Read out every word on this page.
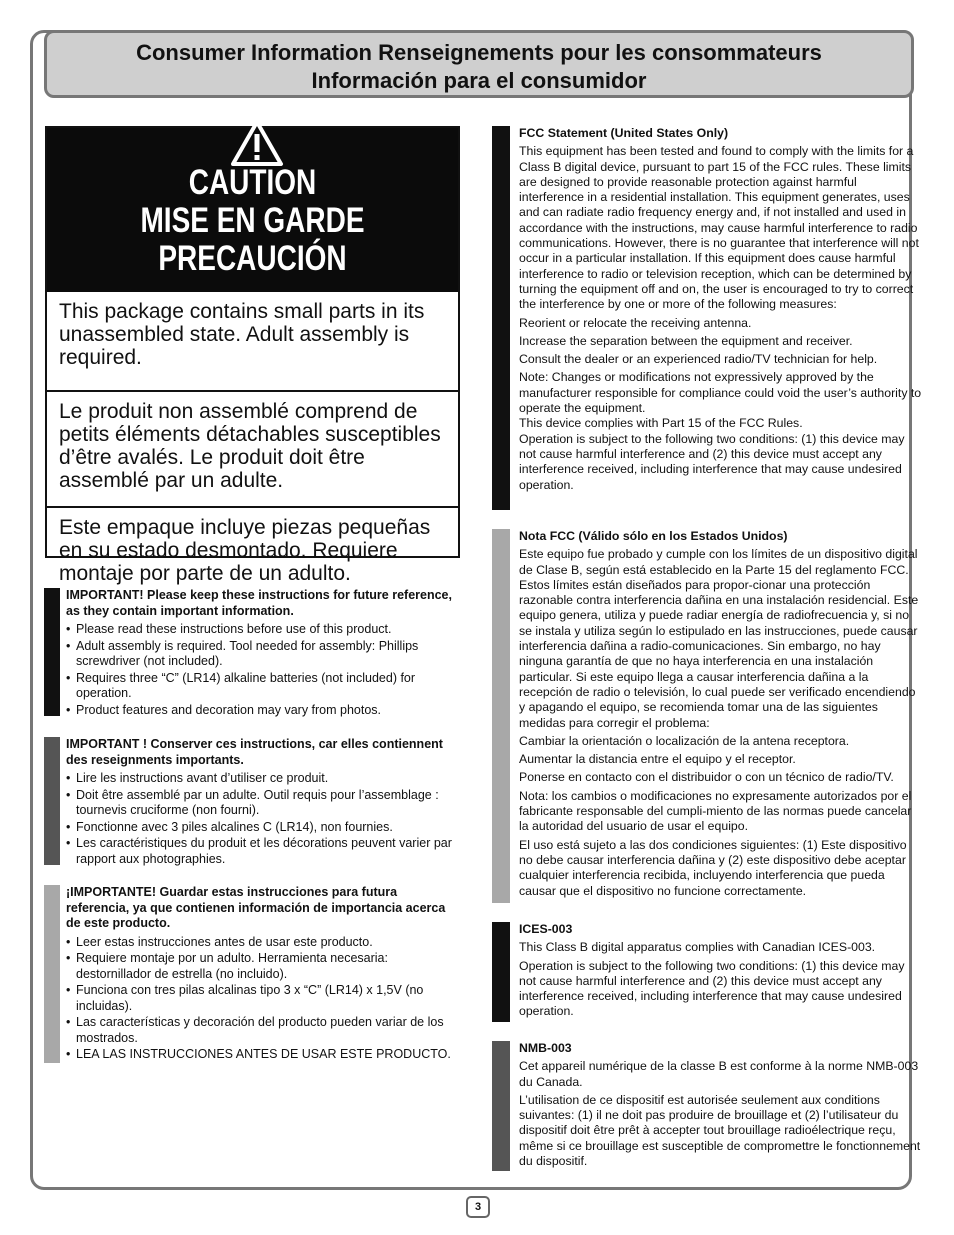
Consumer Information Renseignements pour les consommateurs
Información para el consumidor
CAUTION
MISE EN GARDE
PRECAUCIÓN
This package contains small parts in its unassembled state. Adult assembly is required.
Le produit non assemblé comprend de petits éléments détachables susceptibles d’être avalés. Le produit doit être assemblé par un adulte.
Este empaque incluye piezas pequeñas en su estado desmontado. Requiere montaje por parte de un adulto.
IMPORTANT! Please keep these instructions for future reference, as they contain important information.
• Please read these instructions before use of this product.
• Adult assembly is required. Tool needed for assembly: Phillips screwdriver (not included).
• Requires three “C” (LR14) alkaline batteries (not included) for operation.
• Product features and decoration may vary from photos.
IMPORTANT ! Conserver ces instructions, car elles contiennent des reseignments importants.
• Lire les instructions avant d’utiliser ce produit.
• Doit être assemblé par un adulte. Outil requis pour l’assemblage : tournevis cruciforme (non fourni).
• Fonctionne avec 3 piles alcalines C (LR14), non fournies.
• Les caractéristiques du produit et les décorations peuvent varier par rapport aux photographies.
¡IMPORTANTE! Guardar estas instrucciones para futura referencia, ya que contienen información de importancia acerca de este producto.
• Leer estas instrucciones antes de usar este producto.
• Requiere montaje por un adulto. Herramienta necesaria: destornillador de estrella (no incluido).
• Funciona con tres pilas alcalinas tipo 3 x “C” (LR14) x 1,5V (no incluidas).
• Las características y decoración del producto pueden variar de los mostrados.
• LEA LAS INSTRUCCIONES ANTES DE USAR ESTE PRODUCTO.
FCC Statement (United States Only)

This equipment has been tested and found to comply with the limits for a Class B digital device, pursuant to part 15 of the FCC rules. These limits are designed to provide reasonable protection against harmful interference in a residential installation. This equipment generates, uses and can radiate radio frequency energy and, if not installed and used in accordance with the instructions, may cause harmful interference to radio communications. However, there is no guarantee that interference will not occur in a particular installation. If this equipment does cause harmful interference to radio or television reception, which can be determined by turning the equipment off and on, the user is encouraged to try to correct the interference by one or more of the following measures:

Reorient or relocate the receiving antenna.

Increase the separation between the equipment and receiver.

Consult the dealer or an experienced radio/TV technician for help.

Note: Changes or modifications not expressively approved by the manufacturer responsible for compliance could void the user’s authority to operate the equipment.
This device complies with Part 15 of the FCC Rules.
Operation is subject to the following two conditions: (1) this device may not cause harmful interference and (2) this device must accept any interference received, including interference that may cause undesired operation.

Nota FCC (Válido sólo en los Estados Unidos)

Este equipo fue probado y cumple con los límites de un dispositivo digital de Clase B, según está establecido en la Parte 15 del reglamento FCC. Estos límites están diseñados para propor-cionar una protección razonable contra interferencia dañina en una instalación residencial. Este equipo genera, utiliza y puede radiar energía de radiofrecuencia y, si no se instala y utiliza según lo estipulado en las instrucciones, puede causar interferencia dañina a radio-comunicaciones. Sin embargo, no hay ninguna garantía de que no haya interferencia en una instalación particular. Si este equipo llega a causar interferencia dañina a la recepción de radio o televisión, lo cual puede ser verificado encendiendo y apagando el equipo, se recomienda tomar una de las siguientes medidas para corregir el problema:

Cambiar la orientación o localización de la antena receptora.

Aumentar la distancia entre el equipo y el receptor.

Ponerse en contacto con el distribuidor o con un técnico de radio/TV.

Nota: los cambios o modificaciones no expresamente autorizados por el fabricante responsable del cumpli-miento de las normas puede cancelar la autoridad del usuario de usar el equipo.

El uso está sujeto a las dos condiciones siguientes: (1) Este dispositivo no debe causar interferencia dañina y (2) este dispositivo debe aceptar cualquier interferencia recibida, incluyendo interferencia que pueda causar que el dispositivo no funcione correctamente.

ICES-003

This Class B digital apparatus complies with Canadian ICES-003.

Operation is subject to the following two conditions: (1) this device may not cause harmful interference and (2) this device must accept any interference received, including interference that may cause undesired operation.

NMB-003

Cet appareil numérique de la classe B est conforme à la norme NMB-003 du Canada.

L’utilisation de ce dispositif est autorisée seulement aux conditions suivantes: (1) il ne doit pas produire de brouillage et (2) l’utilisateur du dispositif doit être prêt à accepter tout brouillage radioélectrique reçu, même si ce brouillage est susceptible de compromettre le fonctionnement du dispositif.

3
